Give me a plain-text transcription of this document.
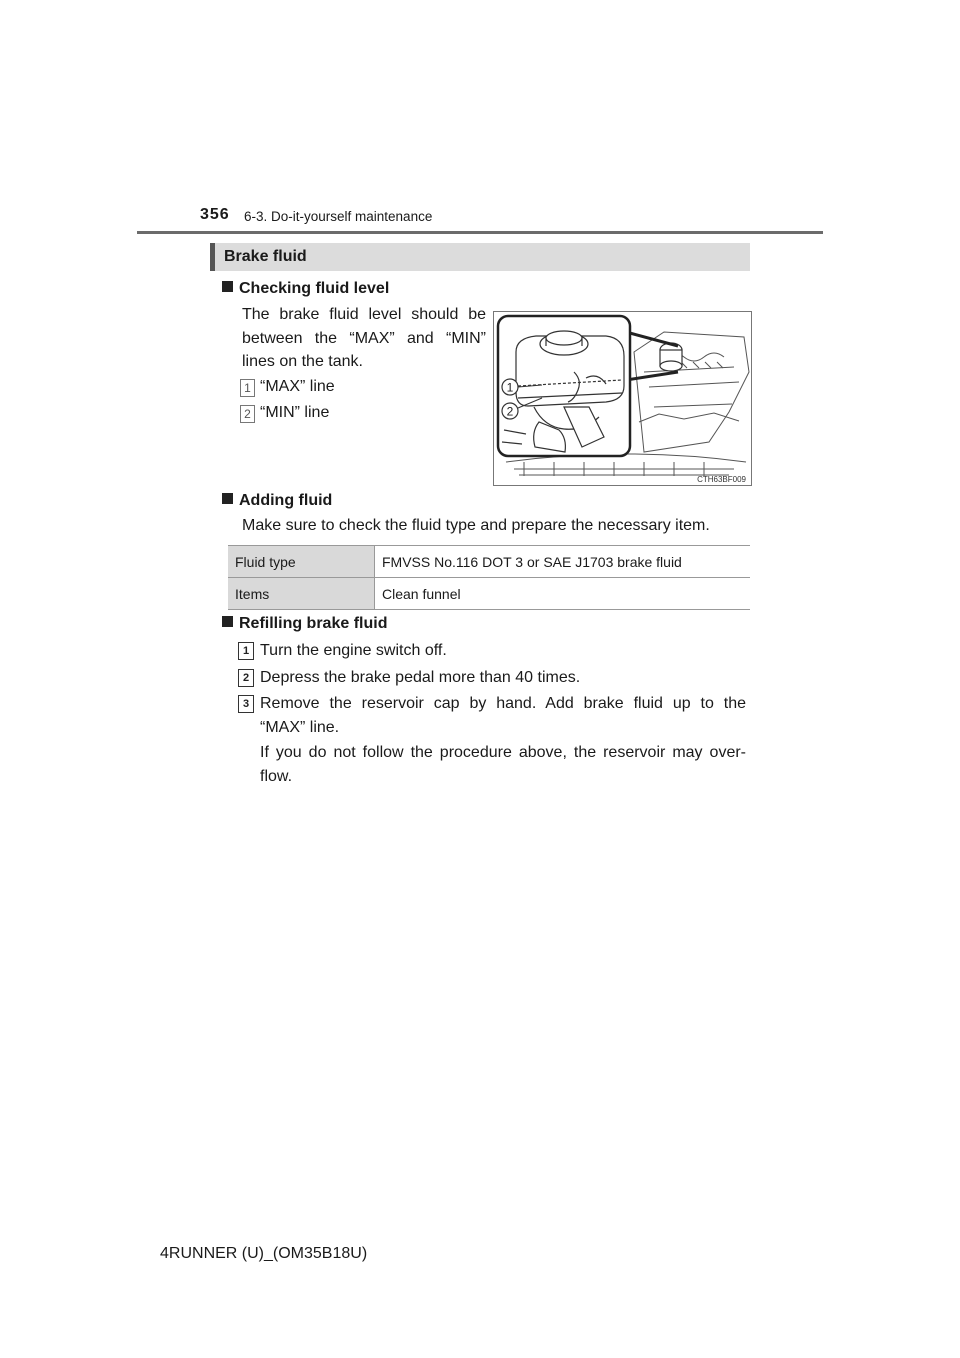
356 6-3. Do-it-yourself maintenance
Brake fluid
Checking fluid level
The brake fluid level should be
between the “MAX” and “MIN”
lines on the tank.
1 “MAX” line
2 “MIN” line
1
2
CTH63BF009
Adding fluid
Make sure to check the fluid type and prepare the necessary item.
Fluid type	FMVSS No.116 DOT 3 or SAE J1703 brake fluid
Items	Clean funnel
Refilling brake fluid
1 Turn the engine switch off.
2 Depress the brake pedal more than 40 times.
3 Remove the reservoir cap by hand. Add brake fluid up to the
“MAX” line.
If you do not follow the procedure above, the reservoir may over-
flow.
4RUNNER (U)_(OM35B18U)
